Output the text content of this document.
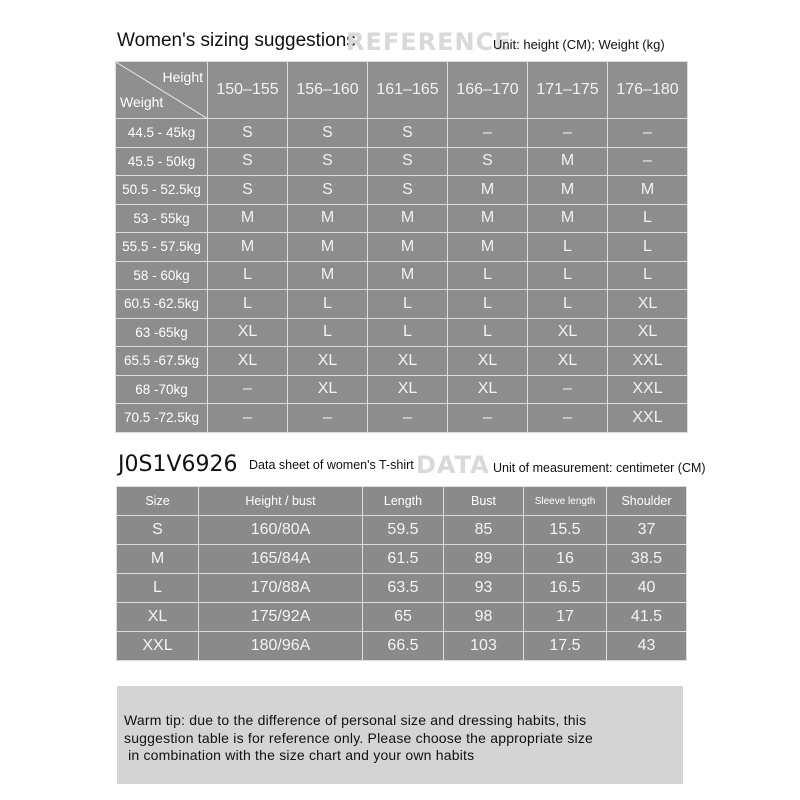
Women's sizing suggestions
REFERENCE
Unit: height (CM); Weight (kg)
Height
Weight	150–155	156–160	161–165	166–170	171–175	176–180
44.5 - 45kg	S	S	S	–	–	–
45.5 - 50kg	S	S	S	S	M	–
50.5 - 52.5kg	S	S	S	M	M	M
53 - 55kg	M	M	M	M	M	L
55.5 - 57.5kg	M	M	M	M	L	L
58 - 60kg	L	M	M	L	L	L
60.5 -62.5kg	L	L	L	L	L	XL
63 -65kg	XL	L	L	L	XL	XL
65.5 -67.5kg	XL	XL	XL	XL	XL	XXL
68 -70kg	–	XL	XL	XL	–	XXL
70.5 -72.5kg	–	–	–	–	–	XXL
J0S1V6926 Data sheet of women's T-shirt DATA Unit of measurement: centimeter (CM)
Size	Height / bust	Length	Bust	Sleeve length	Shoulder
S	160/80A	59.5	85	15.5	37
M	165/84A	61.5	89	16	38.5
L	170/88A	63.5	93	16.5	40
XL	175/92A	65	98	17	41.5
XXL	180/96A	66.5	103	17.5	43
Warm tip: due to the difference of personal size and dressing habits, this
suggestion table is for reference only. Please choose the appropriate size
in combination with the size chart and your own habits
